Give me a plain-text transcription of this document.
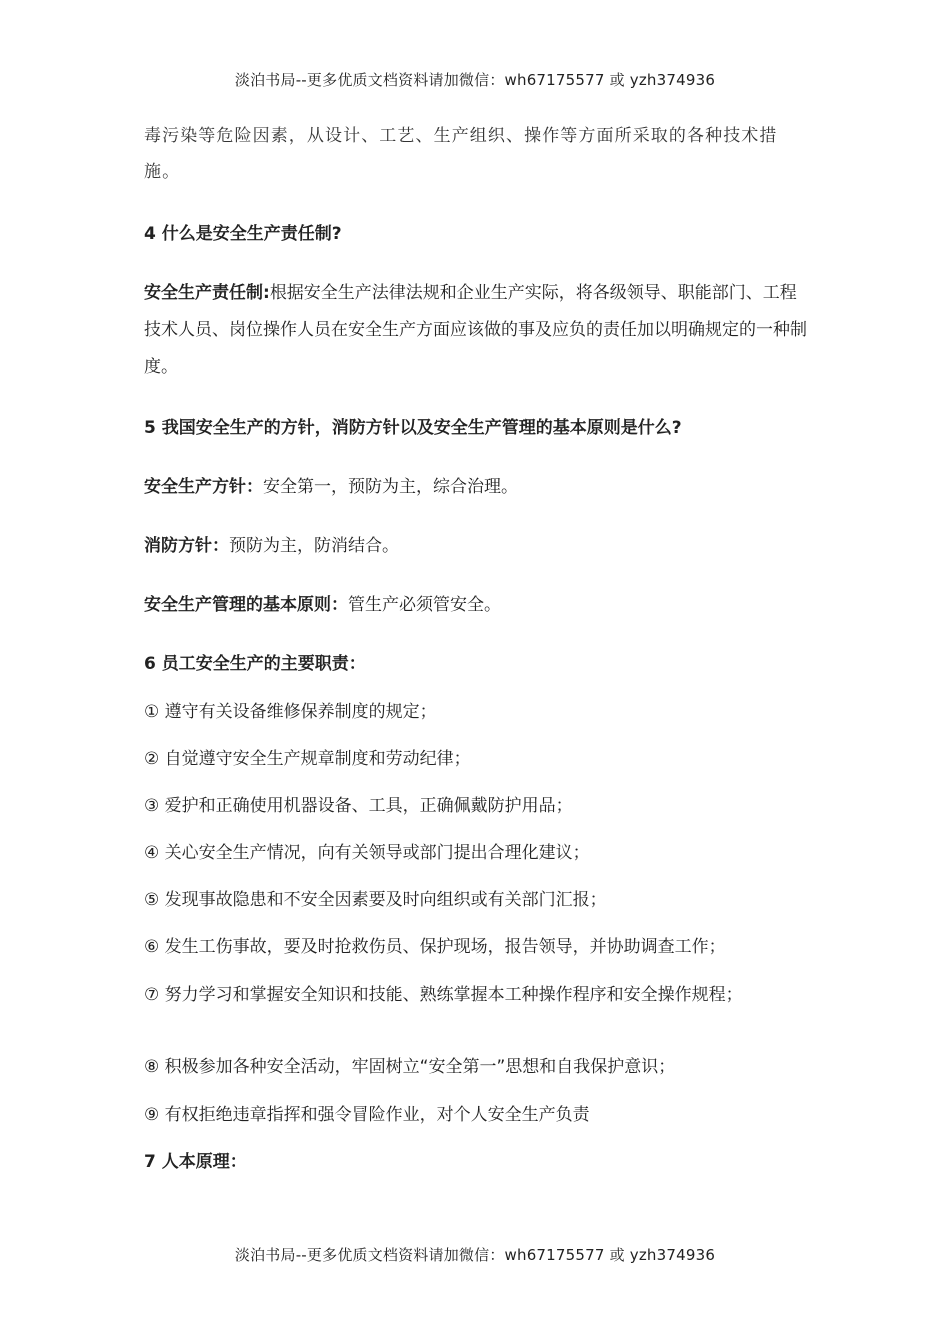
淡泊书局--更多优质文档资料请加微信：wh67175577 或 yzh374936
毒污染等危险因素，从设计、工艺、生产组织、操作等方面所采取的各种技术措施。
4 什么是安全生产责任制?
安全生产责任制:根据安全生产法律法规和企业生产实际，将各级领导、职能部门、工程技术人员、岗位操作人员在安全生产方面应该做的事及应负的责任加以明确规定的一种制度。
5 我国安全生产的方针，消防方针以及安全生产管理的基本原则是什么?
安全生产方针：安全第一，预防为主，综合治理。
消防方针：预防为主，防消结合。
安全生产管理的基本原则：管生产必须管安全。
6 员工安全生产的主要职责：
① 遵守有关设备维修保养制度的规定；
② 自觉遵守安全生产规章制度和劳动纪律；
③ 爱护和正确使用机器设备、工具，正确佩戴防护用品；
④ 关心安全生产情况，向有关领导或部门提出合理化建议；
⑤ 发现事故隐患和不安全因素要及时向组织或有关部门汇报；
⑥ 发生工伤事故，要及时抢救伤员、保护现场，报告领导，并协助调查工作；
⑦ 努力学习和掌握安全知识和技能、熟练掌握本工种操作程序和安全操作规程；
⑧ 积极参加各种安全活动，牢固树立“安全第一”思想和自我保护意识；
⑨ 有权拒绝违章指挥和强令冒险作业，对个人安全生产负责
7 人本原理：
淡泊书局--更多优质文档资料请加微信：wh67175577 或 yzh374936
